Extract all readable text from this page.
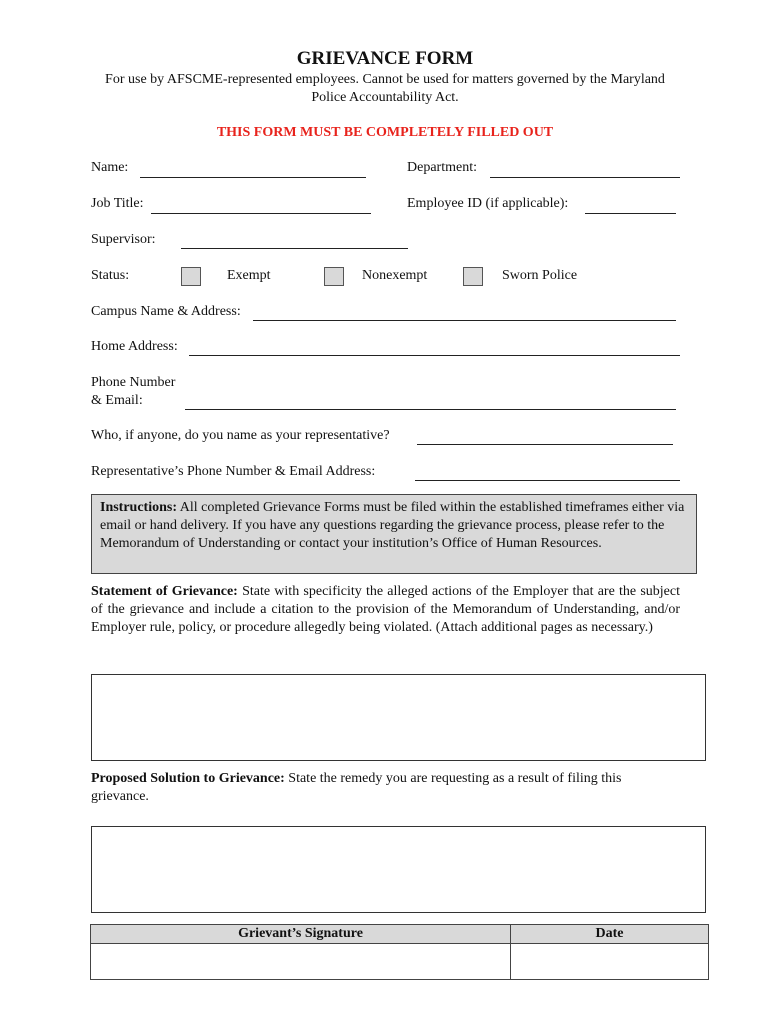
GRIEVANCE FORM
For use by AFSCME-represented employees. Cannot be used for matters governed by the Maryland Police Accountability Act.
THIS FORM MUST BE COMPLETELY FILLED OUT
Name:	Department:
Job Title:	Employee ID (if applicable):
Supervisor:
Status:	Exempt	Nonexempt	Sworn Police
Campus Name & Address:
Home Address:
Phone Number
& Email:
Who, if anyone, do you name as your representative?
Representative’s Phone Number & Email Address:
Instructions: All completed Grievance Forms must be filed within the established timeframes either via email or hand delivery. If you have any questions regarding the grievance process, please refer to the Memorandum of Understanding or contact your institution’s Office of Human Resources.
Statement of Grievance: State with specificity the alleged actions of the Employer that are the subject of the grievance and include a citation to the provision of the Memorandum of Understanding, and/or Employer rule, policy, or procedure allegedly being violated. (Attach additional pages as necessary.)
Proposed Solution to Grievance: State the remedy you are requesting as a result of filing this grievance.
Grievant’s Signature	Date
